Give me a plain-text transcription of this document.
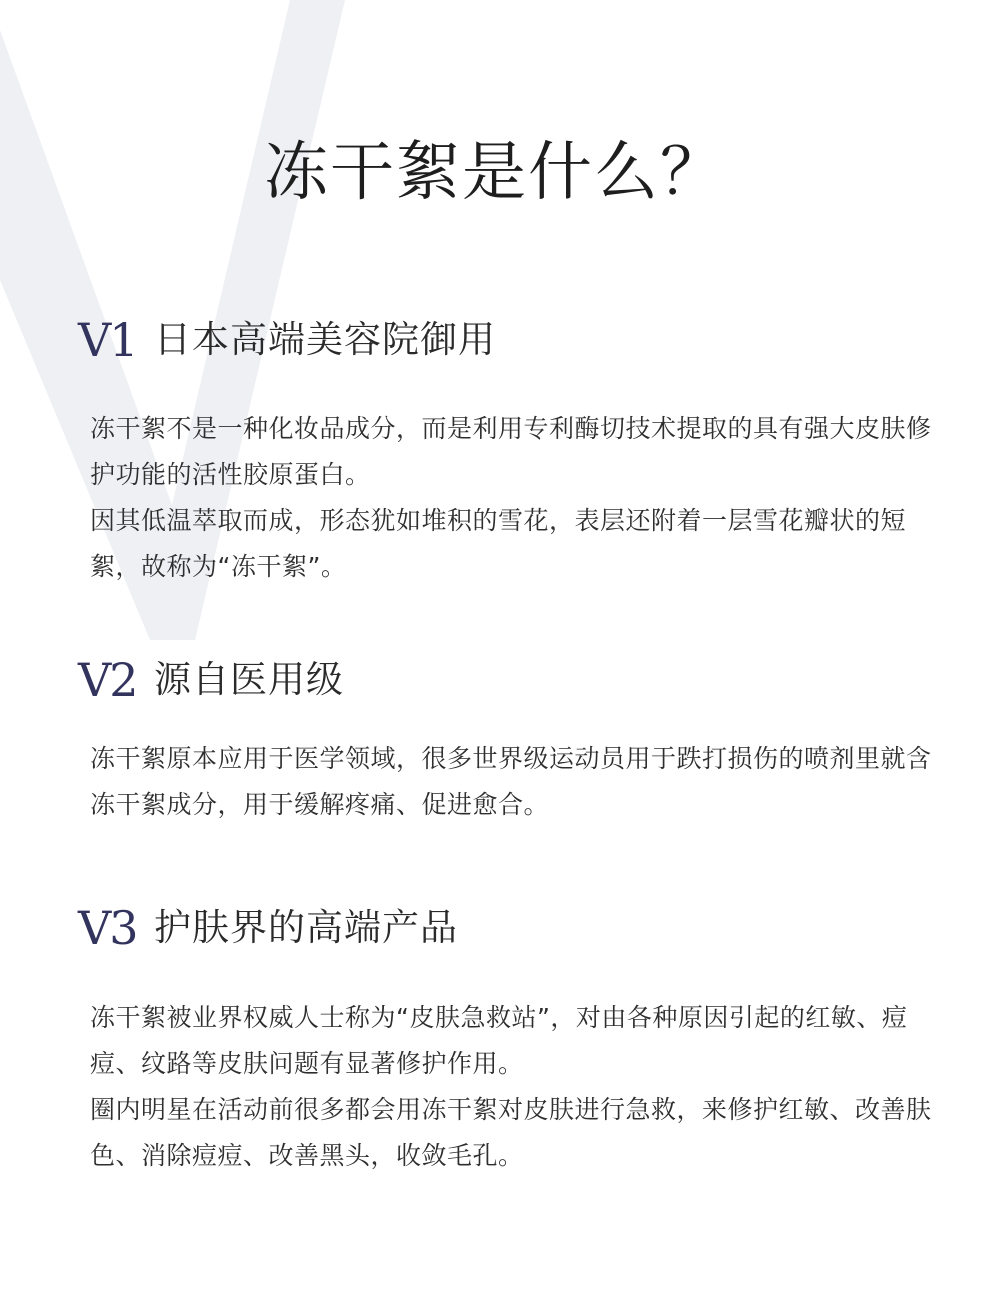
冻干絮是什么？
V1 日本高端美容院御用

冻干絮不是一种化妆品成分，而是利用专利酶切技术提取的具有强大皮肤修护功能的活性胶原蛋白。

因其低温萃取而成，形态犹如堆积的雪花，表层还附着一层雪花瓣状的短絮，故称为“冻干絮”。

V2 源自医用级

冻干絮原本应用于医学领域，很多世界级运动员用于跌打损伤的喷剂里就含冻干絮成分，用于缓解疼痛、促进愈合。

V3 护肤界的高端产品

冻干絮被业界权威人士称为“皮肤急救站”，对由各种原因引起的红敏、痘痘、纹路等皮肤问题有显著修护作用。

圈内明星在活动前很多都会用冻干絮对皮肤进行急救，来修护红敏、改善肤色、消除痘痘、改善黑头，收敛毛孔。
